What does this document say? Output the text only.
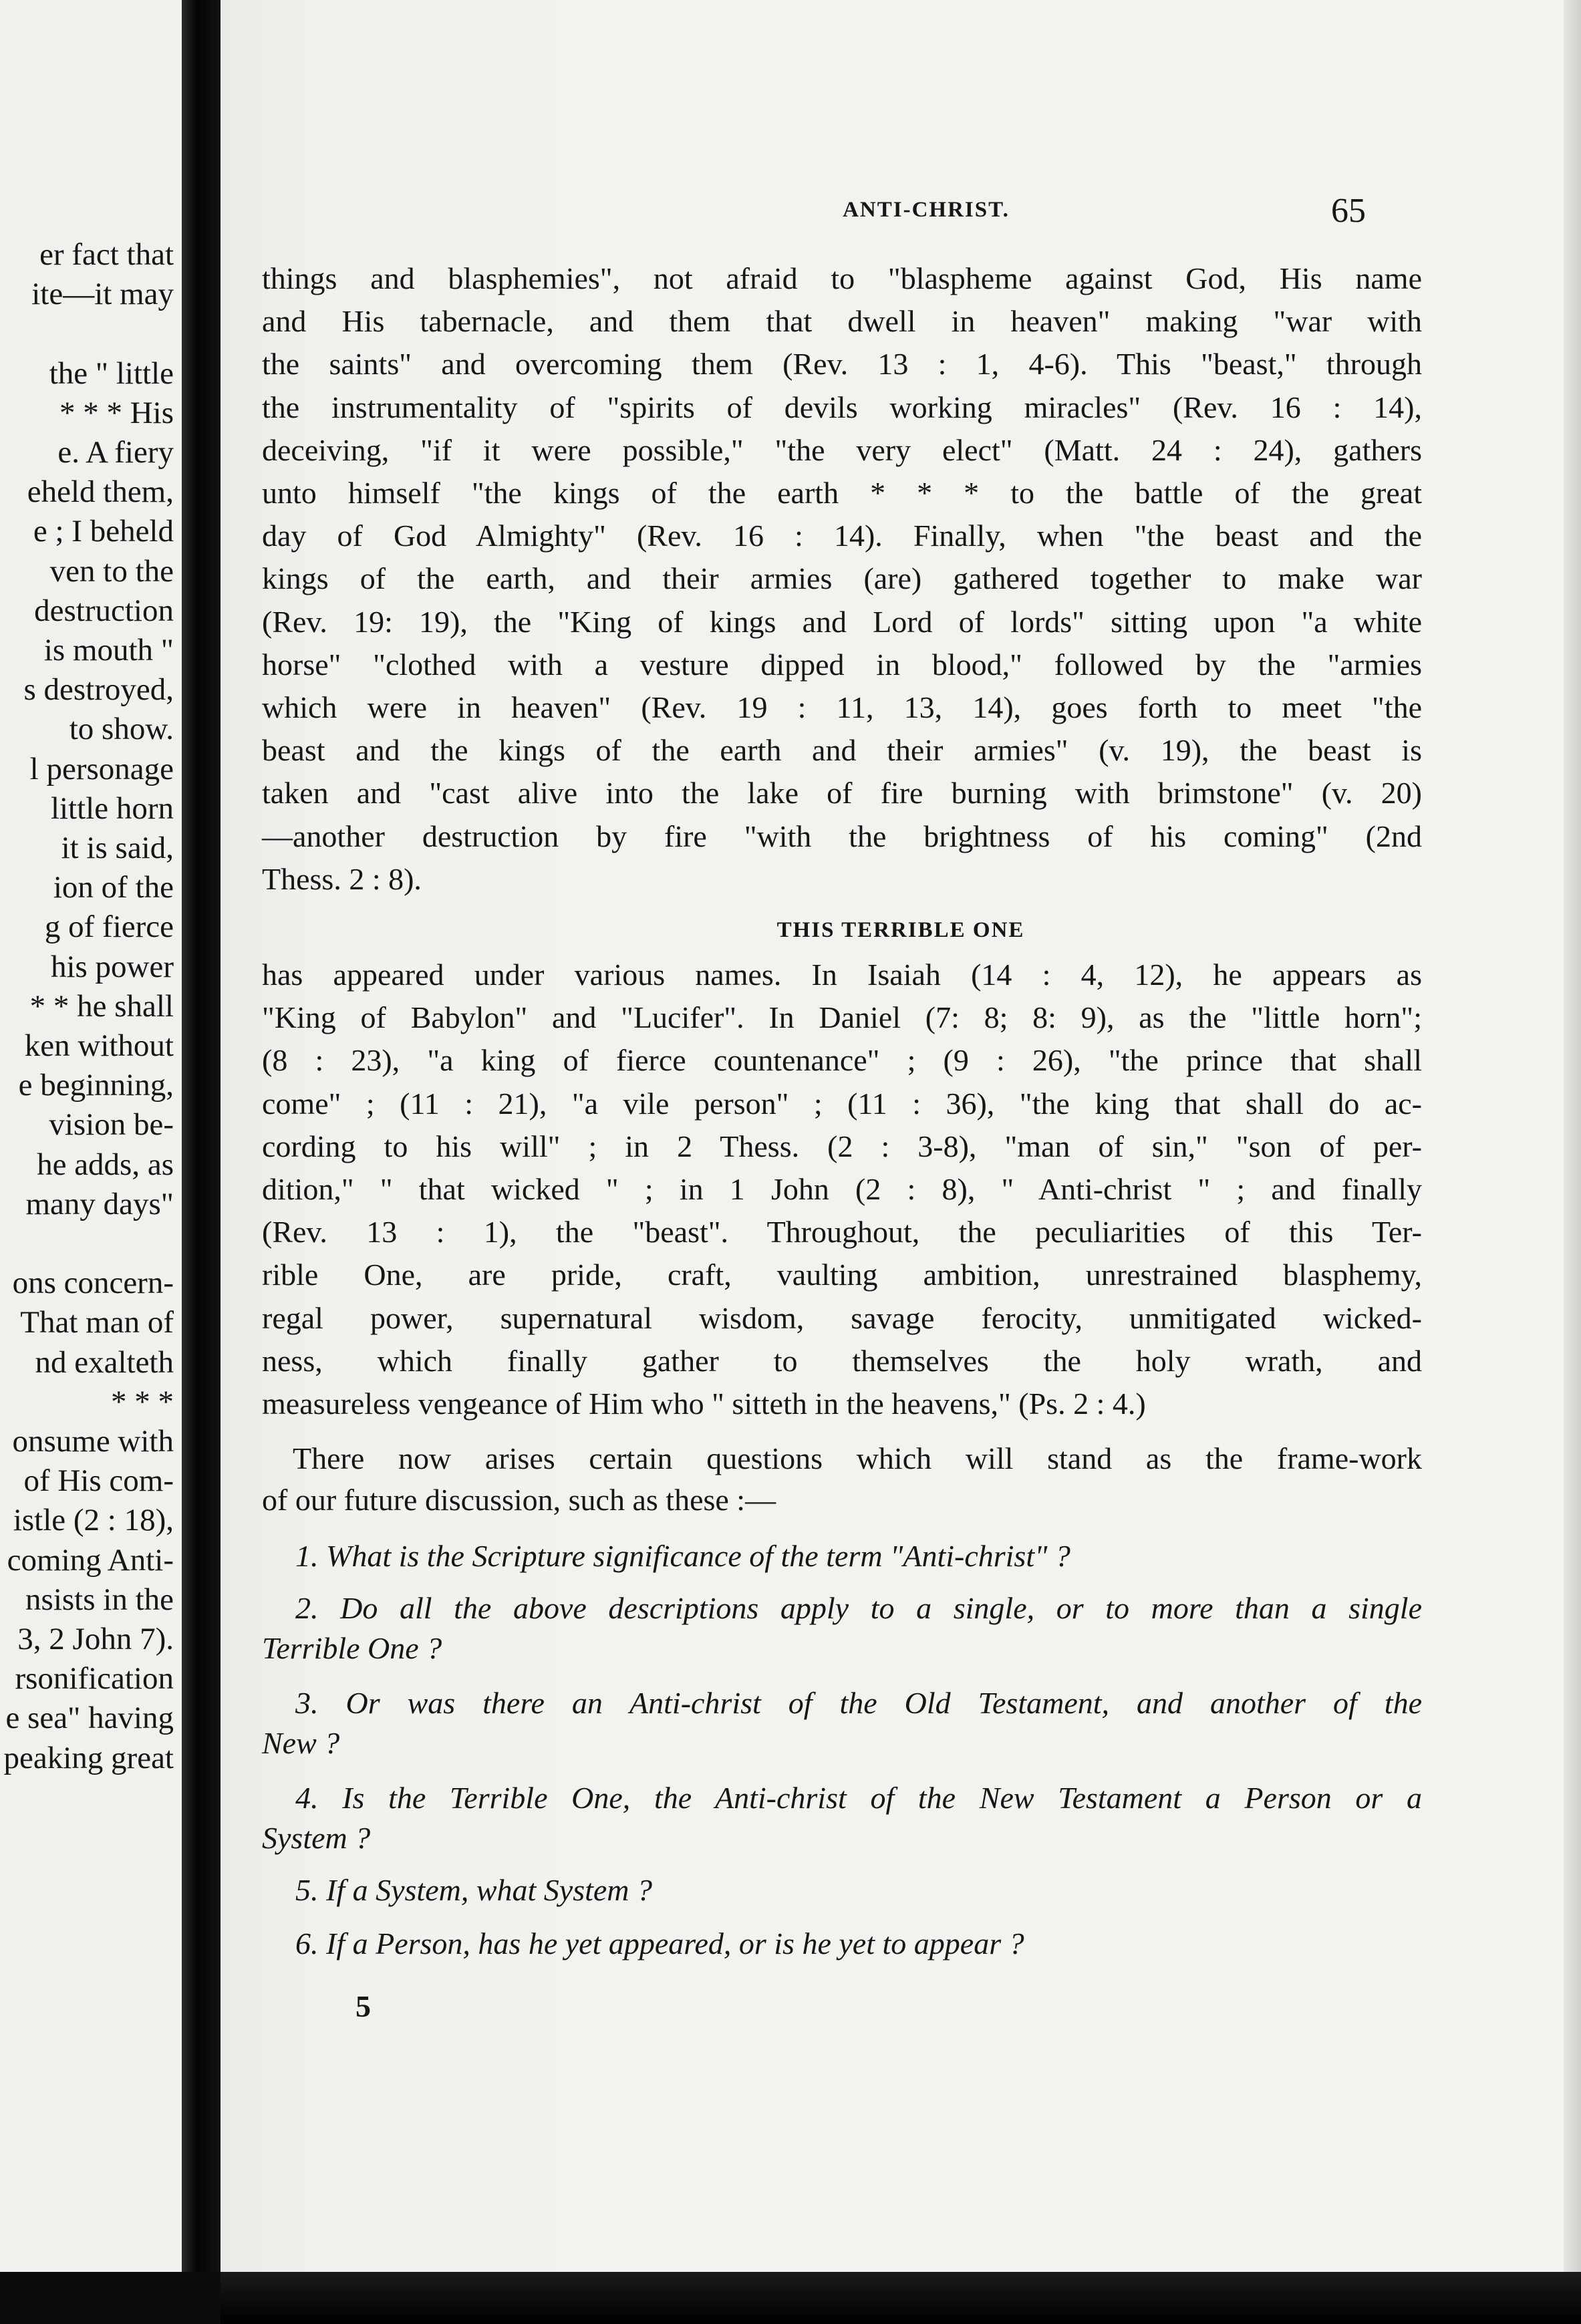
er fact that
ite—it may
the " little
* * * His
e. A fiery
eheld them,
e ; I beheld
ven to the
destruction
is mouth "
s destroyed,
to show.
l personage
little horn
it is said,
ion of the
g of fierce
his power
* * he shall
ken without
e beginning,
vision be-
he adds, as
many days"
ons concern-
That man of
nd exalteth
* * *
onsume with
of His com-
istle (2 : 18),
coming Anti-
nsists in the
3, 2 John 7).
rsonification
e sea" having
peaking great
ANTI-CHRIST.	65
things and blasphemies", not afraid to "blaspheme against God, His name
and His tabernacle, and them that dwell in heaven" making "war with
the saints" and overcoming them (Rev. 13 : 1, 4-6). This "beast," through
the instrumentality of "spirits of devils working miracles" (Rev. 16 : 14),
deceiving, "if it were possible," "the very elect" (Matt. 24 : 24), gathers
unto himself "the kings of the earth * * * to the battle of the great
day of God Almighty" (Rev. 16 : 14). Finally, when "the beast and the
kings of the earth, and their armies (are) gathered together to make war
(Rev. 19: 19), the "King of kings and Lord of lords" sitting upon "a white
horse" "clothed with a vesture dipped in blood," followed by the "armies
which were in heaven" (Rev. 19 : 11, 13, 14), goes forth to meet "the
beast and the kings of the earth and their armies" (v. 19), the beast is
taken and "cast alive into the lake of fire burning with brimstone" (v. 20)
—another destruction by fire "with the brightness of his coming" (2nd
Thess. 2 : 8).
THIS TERRIBLE ONE
has appeared under various names. In Isaiah (14 : 4, 12), he appears as
"King of Babylon" and "Lucifer". In Daniel (7: 8; 8: 9), as the "little horn";
(8 : 23), "a king of fierce countenance" ; (9 : 26), "the prince that shall
come" ; (11 : 21), "a vile person" ; (11 : 36), "the king that shall do ac-
cording to his will" ; in 2 Thess. (2 : 3-8), "man of sin," "son of per-
dition," " that wicked " ; in 1 John (2 : 8), " Anti-christ " ; and finally
(Rev. 13 : 1), the "beast". Throughout, the peculiarities of this Ter-
rible One, are pride, craft, vaulting ambition, unrestrained blasphemy,
regal power, supernatural wisdom, savage ferocity, unmitigated wicked-
ness, which finally gather to themselves the holy wrath, and
measureless vengeance of Him who " sitteth in the heavens," (Ps. 2 : 4.)
There now arises certain questions which will stand as the frame-work
of our future discussion, such as these :—
1. What is the Scripture significance of the term "Anti-christ" ?
2. Do all the above descriptions apply to a single, or to more than a single
Terrible One ?
3. Or was there an Anti-christ of the Old Testament, and another of the
New ?
4. Is the Terrible One, the Anti-christ of the New Testament a Person or a
System ?
5. If a System, what System ?
6. If a Person, has he yet appeared, or is he yet to appear ?
5
